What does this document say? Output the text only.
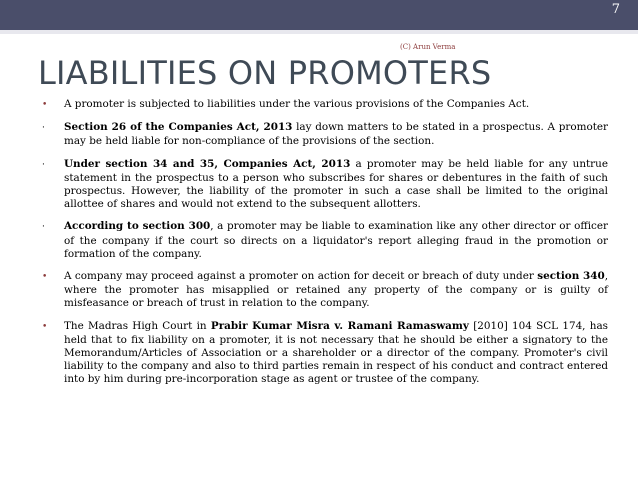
7
(C) Arun Verma
LIABILITIES ON PROMOTERS
• A promoter is subjected to liabilities under the various provisions of the Companies Act.
· Section 26 of the Companies Act, 2013 lay down matters to be stated in a prospectus. A promoter may be held liable for non-compliance of the provisions of the section.
· Under section 34 and 35, Companies Act, 2013 a promoter may be held liable for any untrue statement in the prospectus to a person who subscribes for shares or debentures in the faith of such prospectus. However, the liability of the promoter in such a case shall be limited to the original allottee of shares and would not extend to the subsequent allotters.
· According to section 300, a promoter may be liable to examination like any other director or officer of the company if the court so directs on a liquidator's report alleging fraud in the promotion or formation of the company.
• A company may proceed against a promoter on action for deceit or breach of duty under section 340, where the promoter has misapplied or retained any property of the company or is guilty of misfeasance or breach of trust in relation to the company.
• The Madras High Court in Prabir Kumar Misra v. Ramani Ramaswamy [2010] 104 SCL 174, has held that to fix liability on a promoter, it is not necessary that he should be either a signatory to the Memorandum/Articles of Association or a shareholder or a director of the company. Promoter's civil liability to the company and also to third parties remain in respect of his conduct and contract entered into by him during pre-incorporation stage as agent or trustee of the company.
